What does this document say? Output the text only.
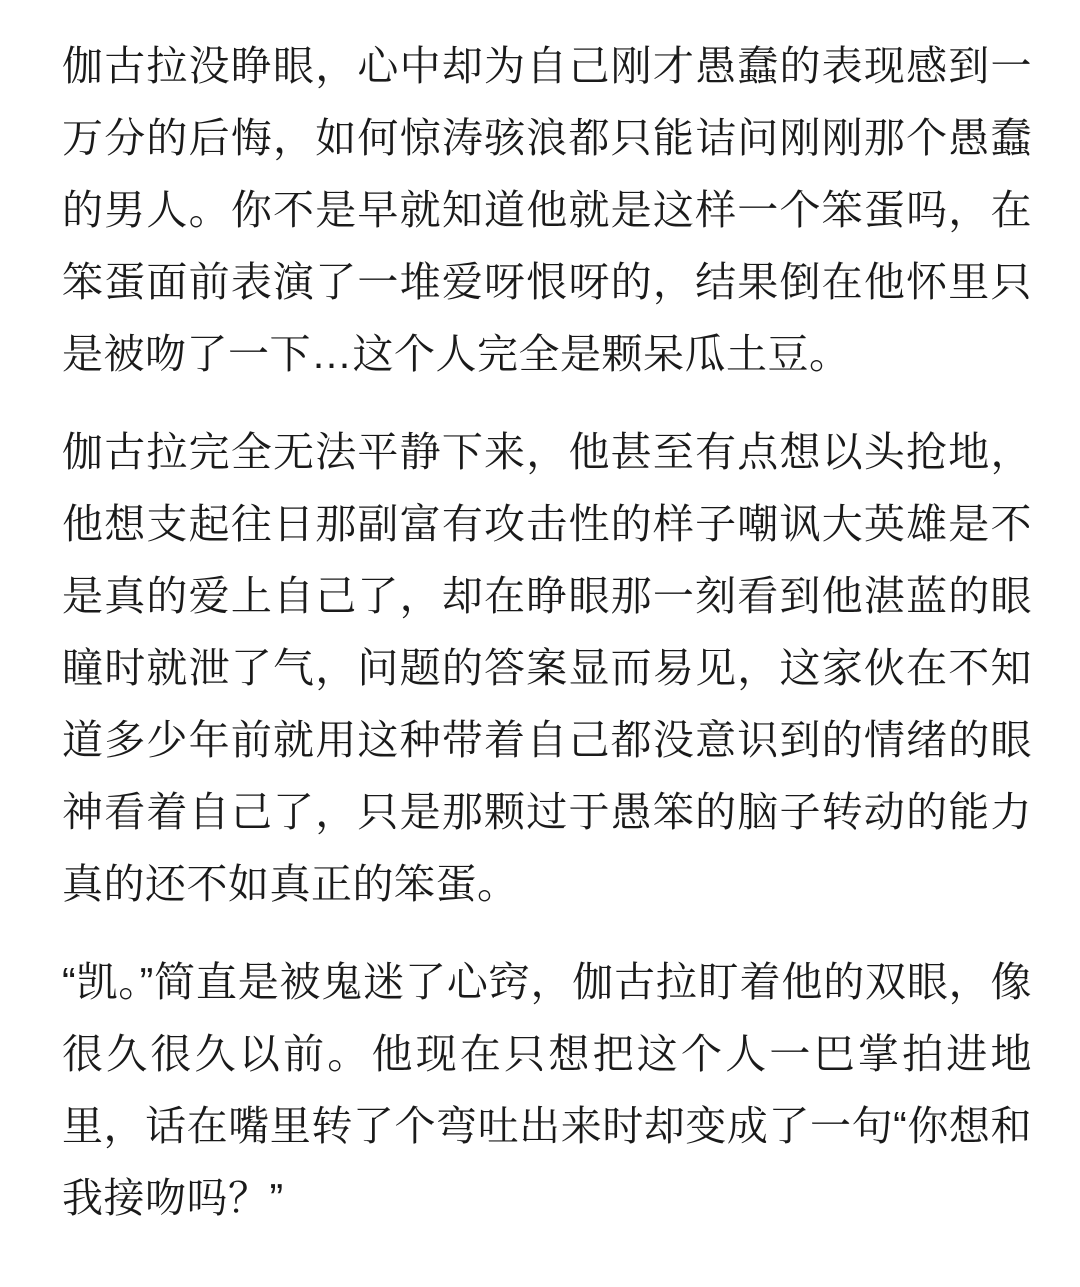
伽古拉没睁眼，心中却为自己刚才愚蠢的表现感到一万分的后悔，如何惊涛骇浪都只能诘问刚刚那个愚蠢的男人。你不是早就知道他就是这样一个笨蛋吗，在笨蛋面前表演了一堆爱呀恨呀的，结果倒在他怀里只是被吻了一下…这个人完全是颗呆瓜土豆。

伽古拉完全无法平静下来，他甚至有点想以头抢地，他想支起往日那副富有攻击性的样子嘲讽大英雄是不是真的爱上自己了，却在睁眼那一刻看到他湛蓝的眼瞳时就泄了气，问题的答案显而易见，这家伙在不知道多少年前就用这种带着自己都没意识到的情绪的眼神看着自己了，只是那颗过于愚笨的脑子转动的能力真的还不如真正的笨蛋。

“凯。”简直是被鬼迷了心窍，伽古拉盯着他的双眼，像很久很久以前。他现在只想把这个人一巴掌拍进地里，话在嘴里转了个弯吐出来时却变成了一句“你想和我接吻吗？”
